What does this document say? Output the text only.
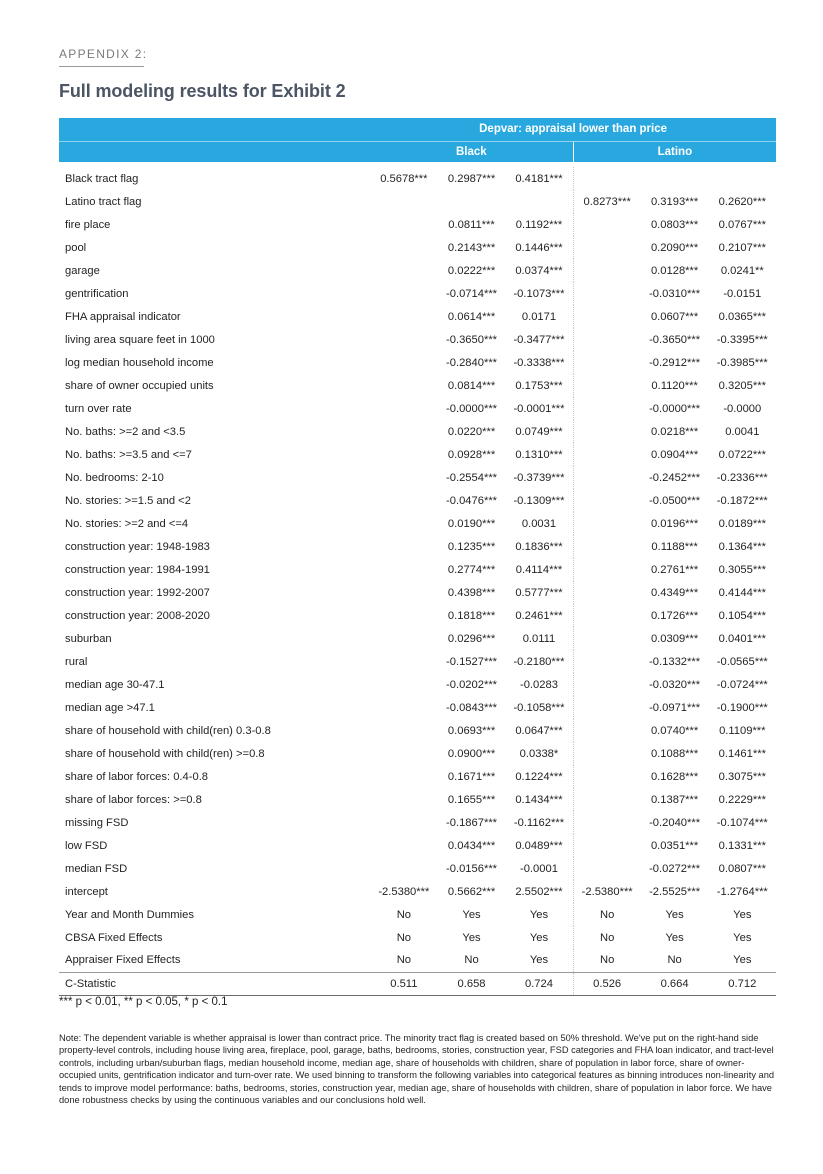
APPENDIX 2:
Full modeling results for Exhibit 2
	Depvar: appraisal lower than price					
	Black			Latino		

Black tract flag	0.5678***	0.2987***	0.4181***			
Latino tract flag				0.8273***	0.3193***	0.2620***
fire place		0.0811***	0.1192***		0.0803***	0.0767***
pool		0.2143***	0.1446***		0.2090***	0.2107***
garage		0.0222***	0.0374***		0.0128***	0.0241**
gentrification		-0.0714***	-0.1073***		-0.0310***	-0.0151
FHA appraisal indicator		0.0614***	0.0171		0.0607***	0.0365***
living area square feet in 1000		-0.3650***	-0.3477***		-0.3650***	-0.3395***
log median household income		-0.2840***	-0.3338***		-0.2912***	-0.3985***
share of owner occupied units		0.0814***	0.1753***		0.1120***	0.3205***
turn over rate		-0.0000***	-0.0001***		-0.0000***	-0.0000
No. baths: >=2 and <3.5		0.0220***	0.0749***		0.0218***	0.0041
No. baths: >=3.5 and <=7		0.0928***	0.1310***		0.0904***	0.0722***
No. bedrooms: 2-10		-0.2554***	-0.3739***		-0.2452***	-0.2336***
No. stories: >=1.5 and <2		-0.0476***	-0.1309***		-0.0500***	-0.1872***
No. stories: >=2 and <=4		0.0190***	0.0031		0.0196***	0.0189***
construction year: 1948-1983		0.1235***	0.1836***		0.1188***	0.1364***
construction year: 1984-1991		0.2774***	0.4114***		0.2761***	0.3055***
construction year: 1992-2007		0.4398***	0.5777***		0.4349***	0.4144***
construction year: 2008-2020		0.1818***	0.2461***		0.1726***	0.1054***
suburban		0.0296***	0.0111		0.0309***	0.0401***
rural		-0.1527***	-0.2180***		-0.1332***	-0.0565***
median age 30-47.1		-0.0202***	-0.0283		-0.0320***	-0.0724***
median age >47.1		-0.0843***	-0.1058***		-0.0971***	-0.1900***
share of household with child(ren) 0.3-0.8		0.0693***	0.0647***		0.0740***	0.1109***
share of household with child(ren) >=0.8		0.0900***	0.0338*		0.1088***	0.1461***
share of labor forces: 0.4-0.8		0.1671***	0.1224***		0.1628***	0.3075***
share of labor forces: >=0.8		0.1655***	0.1434***		0.1387***	0.2229***
missing FSD		-0.1867***	-0.1162***		-0.2040***	-0.1074***
low FSD		0.0434***	0.0489***		0.0351***	0.1331***
median FSD		-0.0156***	-0.0001		-0.0272***	0.0807***
intercept	-2.5380***	0.5662***	2.5502***	-2.5380***	-2.5525***	-1.2764***
Year and Month Dummies	No	Yes	Yes	No	Yes	Yes
CBSA Fixed Effects	No	Yes	Yes	No	Yes	Yes
Appraiser Fixed Effects	No	No	Yes	No	No	Yes
C-Statistic	0.511	0.658	0.724	0.526	0.664	0.712
*** p < 0.01, ** p < 0.05, * p < 0.1
Note: The dependent variable is whether appraisal is lower than contract price. The minority tract flag is created based on 50% threshold. We've put on the right-hand side property-level controls, including house living area, fireplace, pool, garage, baths, bedrooms, stories, construction year, FSD categories and FHA loan indicator, and tract-level controls, including urban/suburban flags, median household income, median age, share of households with children, share of population in labor force, share of owner-occupied units, gentrification indicator and turn-over rate. We used binning to transform the following variables into categorical features as binning introduces non-linearity and tends to improve model performance: baths, bedrooms, stories, construction year, median age, share of households with children, share of population in labor force. We have done robustness checks by using the continuous variables and our conclusions hold well.
